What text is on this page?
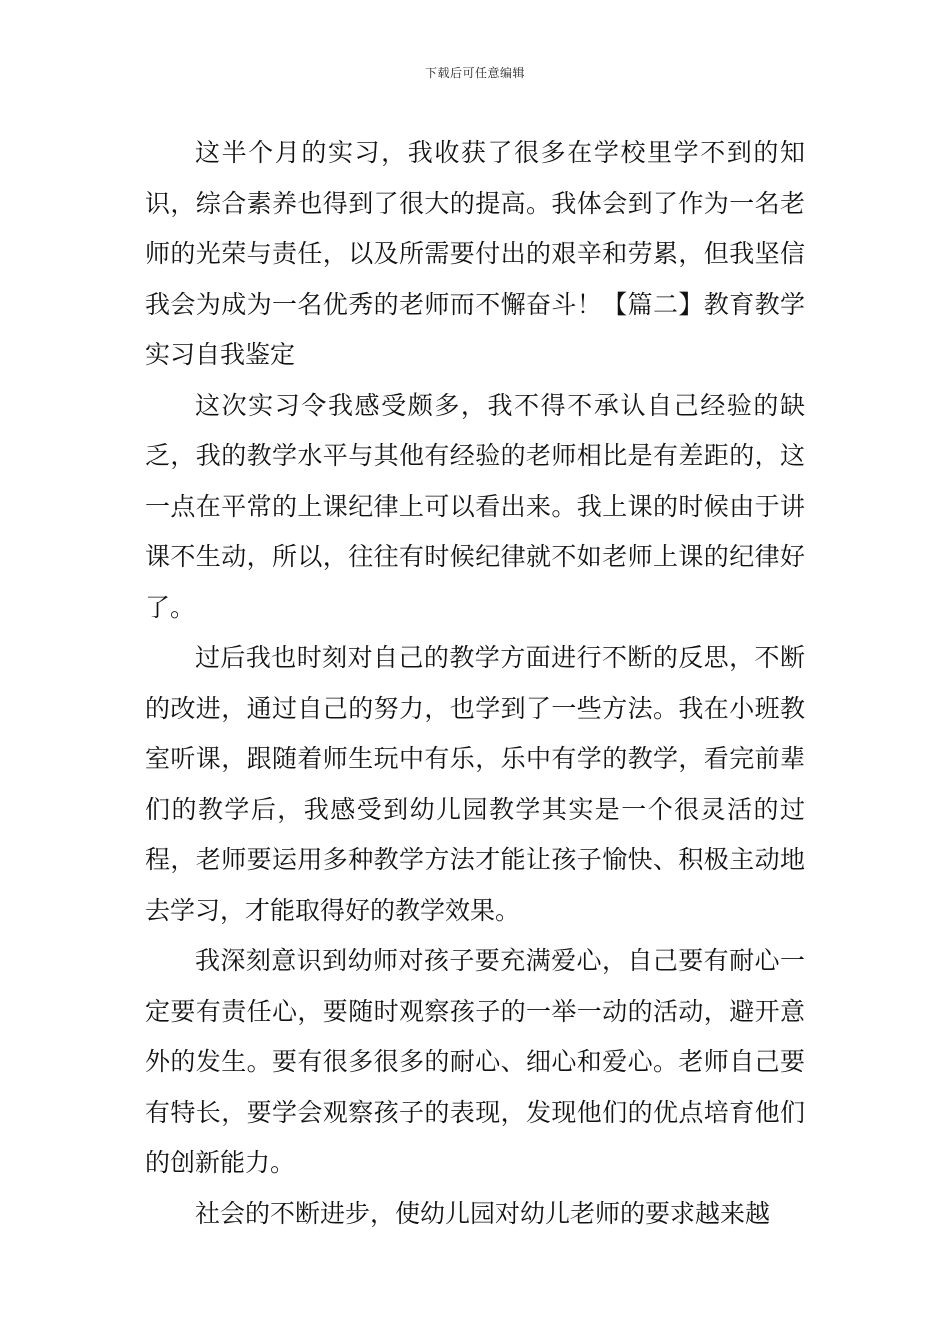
下载后可任意编辑

这半个月的实习，我收获了很多在学校里学不到的知识，综合素养也得到了很大的提高。我体会到了作为一名老师的光荣与责任，以及所需要付出的艰辛和劳累，但我坚信我会为成为一名优秀的老师而不懈奋斗！【篇二】教育教学实习自我鉴定

这次实习令我感受颇多，我不得不承认自己经验的缺乏，我的教学水平与其他有经验的老师相比是有差距的，这一点在平常的上课纪律上可以看出来。我上课的时候由于讲课不生动，所以，往往有时候纪律就不如老师上课的纪律好了。

过后我也时刻对自己的教学方面进行不断的反思，不断的改进，通过自己的努力，也学到了一些方法。我在小班教室听课，跟随着师生玩中有乐，乐中有学的教学，看完前辈们的教学后，我感受到幼儿园教学其实是一个很灵活的过程，老师要运用多种教学方法才能让孩子愉快、积极主动地去学习，才能取得好的教学效果。

我深刻意识到幼师对孩子要充满爱心，自己要有耐心一定要有责任心，要随时观察孩子的一举一动的活动，避开意外的发生。要有很多很多的耐心、细心和爱心。老师自己要有特长，要学会观察孩子的表现，发现他们的优点培育他们的创新能力。

社会的不断进步，使幼儿园对幼儿老师的要求越来越
